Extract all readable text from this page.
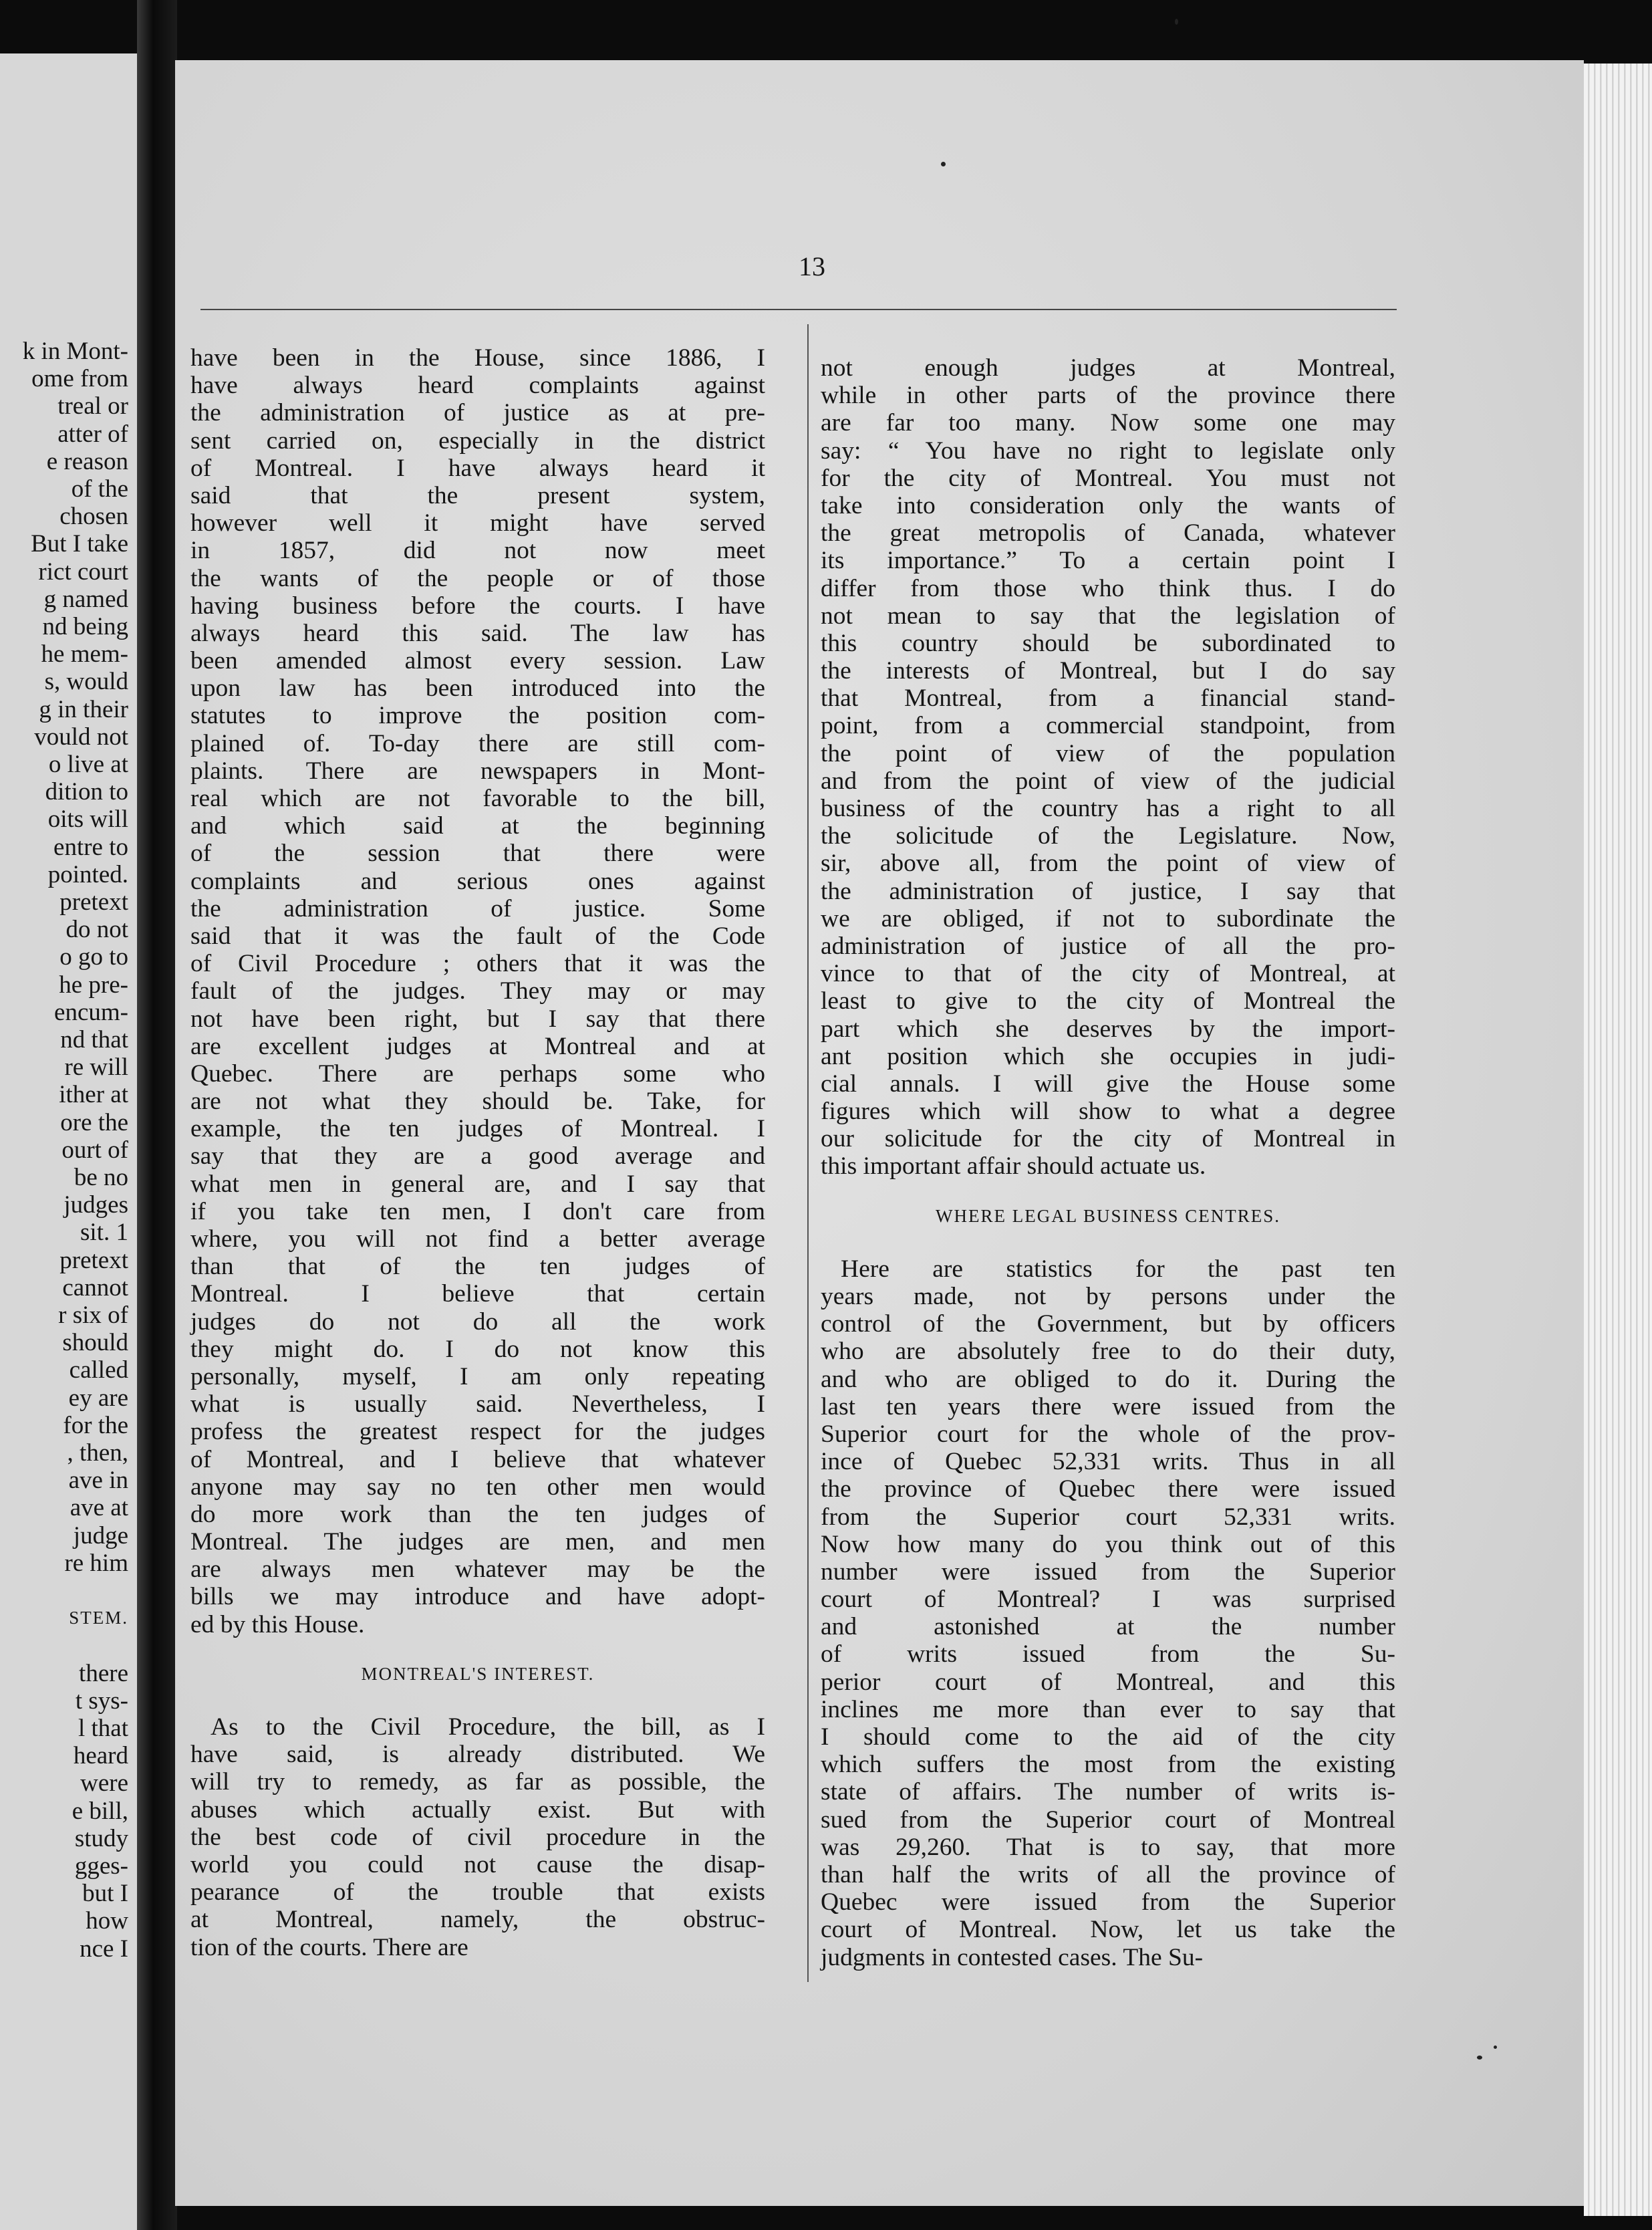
k in Mont-
ome from
treal or
atter of
e reason
of the
chosen
But I take
rict court
g named
nd being
he mem-
s, would
g in their
vould not
o live at
dition to
oits will
entre to
pointed.
pretext
do not
o go to
he pre-
encum-
nd that
re will
ither at
ore the
ourt of
be no
judges
sit. 1
pretext
cannot
r six of
should
called
ey are
for the
, then,
ave in
ave at
judge
re him
STEM.
there
t sys-
l that
heard
were
e bill,
study
gges-
but I
how
nce I
13
have been in the House, since 1886, I
have always heard complaints against
the administration of justice as at pre-
sent carried on, especially in the district
of Montreal. I have always heard it
said that the present system,
however well it might have served
in 1857, did not now meet
the wants of the people or of those
having business before the courts. I have
always heard this said. The law has
been amended almost every session. Law
upon law has been introduced into the
statutes to improve the position com-
plained of. To-day there are still com-
plaints. There are newspapers in Mont-
real which are not favorable to the bill,
and which said at the beginning
of the session that there were
complaints and serious ones against
the administration of justice. Some
said that it was the fault of the Code
of Civil Procedure ; others that it was the
fault of the judges. They may or may
not have been right, but I say that there
are excellent judges at Montreal and at
Quebec. There are perhaps some who
are not what they should be. Take, for
example, the ten judges of Montreal. I
say that they are a good average and
what men in general are, and I say that
if you take ten men, I don't care from
where, you will not find a better average
than that of the ten judges of
Montreal. I believe that certain
judges do not do all the work
they might do. I do not know this
personally, myself, I am only repeating
what is usually said. Nevertheless, I
profess the greatest respect for the judges
of Montreal, and I believe that whatever
anyone may say no ten other men would
do more work than the ten judges of
Montreal. The judges are men, and men
are always men whatever may be the
bills we may introduce and have adopt-
ed by this House.
MONTREAL'S INTEREST.
As to the Civil Procedure, the bill, as I
have said, is already distributed. We
will try to remedy, as far as possible, the
abuses which actually exist. But with
the best code of civil procedure in the
world you could not cause the disap-
pearance of the trouble that exists
at Montreal, namely, the obstruc-
tion of the courts. There are
not enough judges at Montreal,
while in other parts of the province there
are far too many. Now some one may
say: “ You have no right to legislate only
for the city of Montreal. You must not
take into consideration only the wants of
the great metropolis of Canada, whatever
its importance.” To a certain point I
differ from those who think thus. I do
not mean to say that the legislation of
this country should be subordinated to
the interests of Montreal, but I do say
that Montreal, from a financial stand-
point, from a commercial standpoint, from
the point of view of the population
and from the point of view of the judicial
business of the country has a right to all
the solicitude of the Legislature. Now,
sir, above all, from the point of view of
the administration of justice, I say that
we are obliged, if not to subordinate the
administration of justice of all the pro-
vince to that of the city of Montreal, at
least to give to the city of Montreal the
part which she deserves by the import-
ant position which she occupies in judi-
cial annals. I will give the House some
figures which will show to what a degree
our solicitude for the city of Montreal in
this important affair should actuate us.
WHERE LEGAL BUSINESS CENTRES.
Here are statistics for the past ten
years made, not by persons under the
control of the Government, but by officers
who are absolutely free to do their duty,
and who are obliged to do it. During the
last ten years there were issued from the
Superior court for the whole of the prov-
ince of Quebec 52,331 writs. Thus in all
the province of Quebec there were issued
from the Superior court 52,331 writs.
Now how many do you think out of this
number were issued from the Superior
court of Montreal? I was surprised
and astonished at the number
of writs issued from the Su-
perior court of Montreal, and this
inclines me more than ever to say that
I should come to the aid of the city
which suffers the most from the existing
state of affairs. The number of writs is-
sued from the Superior court of Montreal
was 29,260. That is to say, that more
than half the writs of all the province of
Quebec were issued from the Superior
court of Montreal. Now, let us take the
judgments in contested cases. The Su-
